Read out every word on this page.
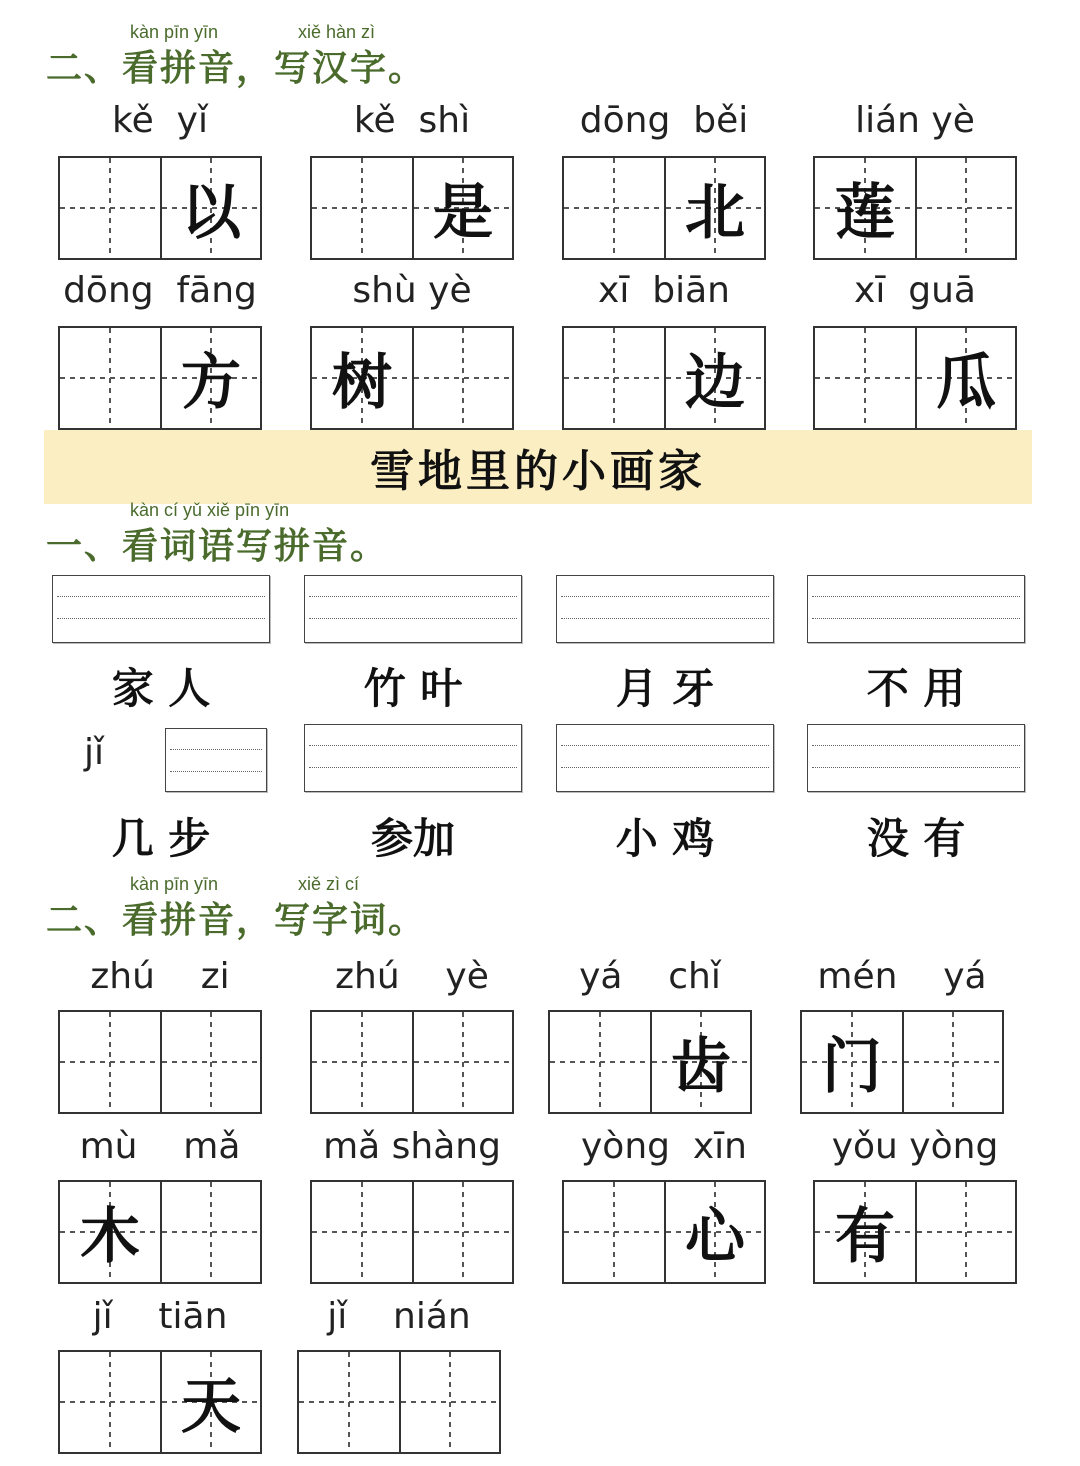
kàn pīn yīn	xiě hàn zì
二、看拼音，写汉字。
kě  yǐ
以
kě  shì
是
dōng  běi
北
lián yè
莲
dōng  fāng
方
shù yè
树
xī  biān
边
xī  guā
瓜
雪地里的小画家
kàn cí yǔ xiě pīn yīn
一、看词语写拼音。
家 人	竹 叶	月 牙	不 用
jǐ
几 步	参加	小 鸡	没 有
kàn pīn yīn	xiě zì cí
二、看拼音，写字词。
zhú    zi	zhú    yè	yá    chǐ
齿
mén    yá
门
mù    mǎ
木
mǎ shàng	yòng  xīn
心
yǒu yòng
有
jǐ    tiān
天
jǐ    nián
